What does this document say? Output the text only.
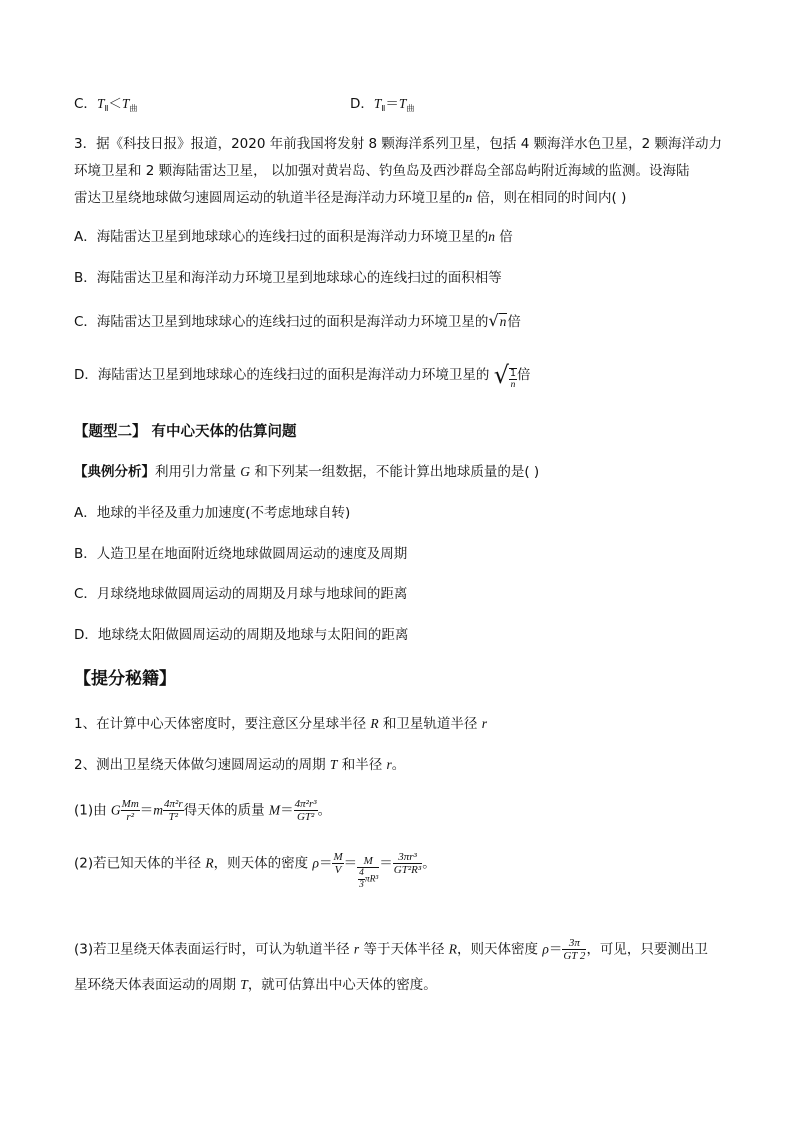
C．$T_Ⅱ<T_曲$	D．$T_Ⅱ=T_曲$
3．据《科技日报》报道，2020 年前我国将发射 8 颗海洋系列卫星，包括 4 颗海洋水色卫星，2 颗海洋动力
环境卫星和 2 颗海陆雷达卫星， 以加强对黄岩岛、钓鱼岛及西沙群岛全部岛屿附近海域的监测。设海陆
雷达卫星绕地球做匀速圆周运动的轨道半径是海洋动力环境卫星的n 倍，则在相同的时间内( )
A．海陆雷达卫星到地球球心的连线扫过的面积是海洋动力环境卫星的n 倍
B．海陆雷达卫星和海洋动力环境卫星到地球球心的连线扫过的面积相等
C．海陆雷达卫星到地球球心的连线扫过的面积是海洋动力环境卫星的√n倍
D．海陆雷达卫星到地球球心的连线扫过的面积是海洋动力环境卫星的 √ $\frac{1}{n}$ 倍
【题型二】 有中心天体的估算问题
【典例分析】利用引力常量 G 和下列某一组数据，不能计算出地球质量的是( )
A．地球的半径及重力加速度(不考虑地球自转)
B．人造卫星在地面附近绕地球做圆周运动的速度及周期
C．月球绕地球做圆周运动的周期及月球与地球间的距离
D．地球绕太阳做圆周运动的周期及地球与太阳间的距离
【提分秘籍】
1、在计算中心天体密度时，要注意区分星球半径 R 和卫星轨道半径 r
2、测出卫星绕天体做匀速圆周运动的周期 T 和半径 r。
(1)由 G $\frac{Mm}{\text{r²}} =m \frac{\text{4π²r}}{\text{T²}}$ 得天体的质量 $M= \frac{\text{4π²r³}}{\text{GT²}}$ 。
(2)若已知天体的半径 R，则天体的密度 $\rho= \frac{M}{V} = \frac{M}{\frac{4}{3} \pi R^3} = \frac{\text{3πr³}}{\text{GT²R³}}$ 。
(3)若卫星绕天体表面运行时，可认为轨道半径 r 等于天体半径 R，则天体密度 $\rho= \frac{3\pi}{GT 2}$ ，可见，只要测出卫
星环绕天体表面运动的周期 T，就可估算出中心天体的密度。
